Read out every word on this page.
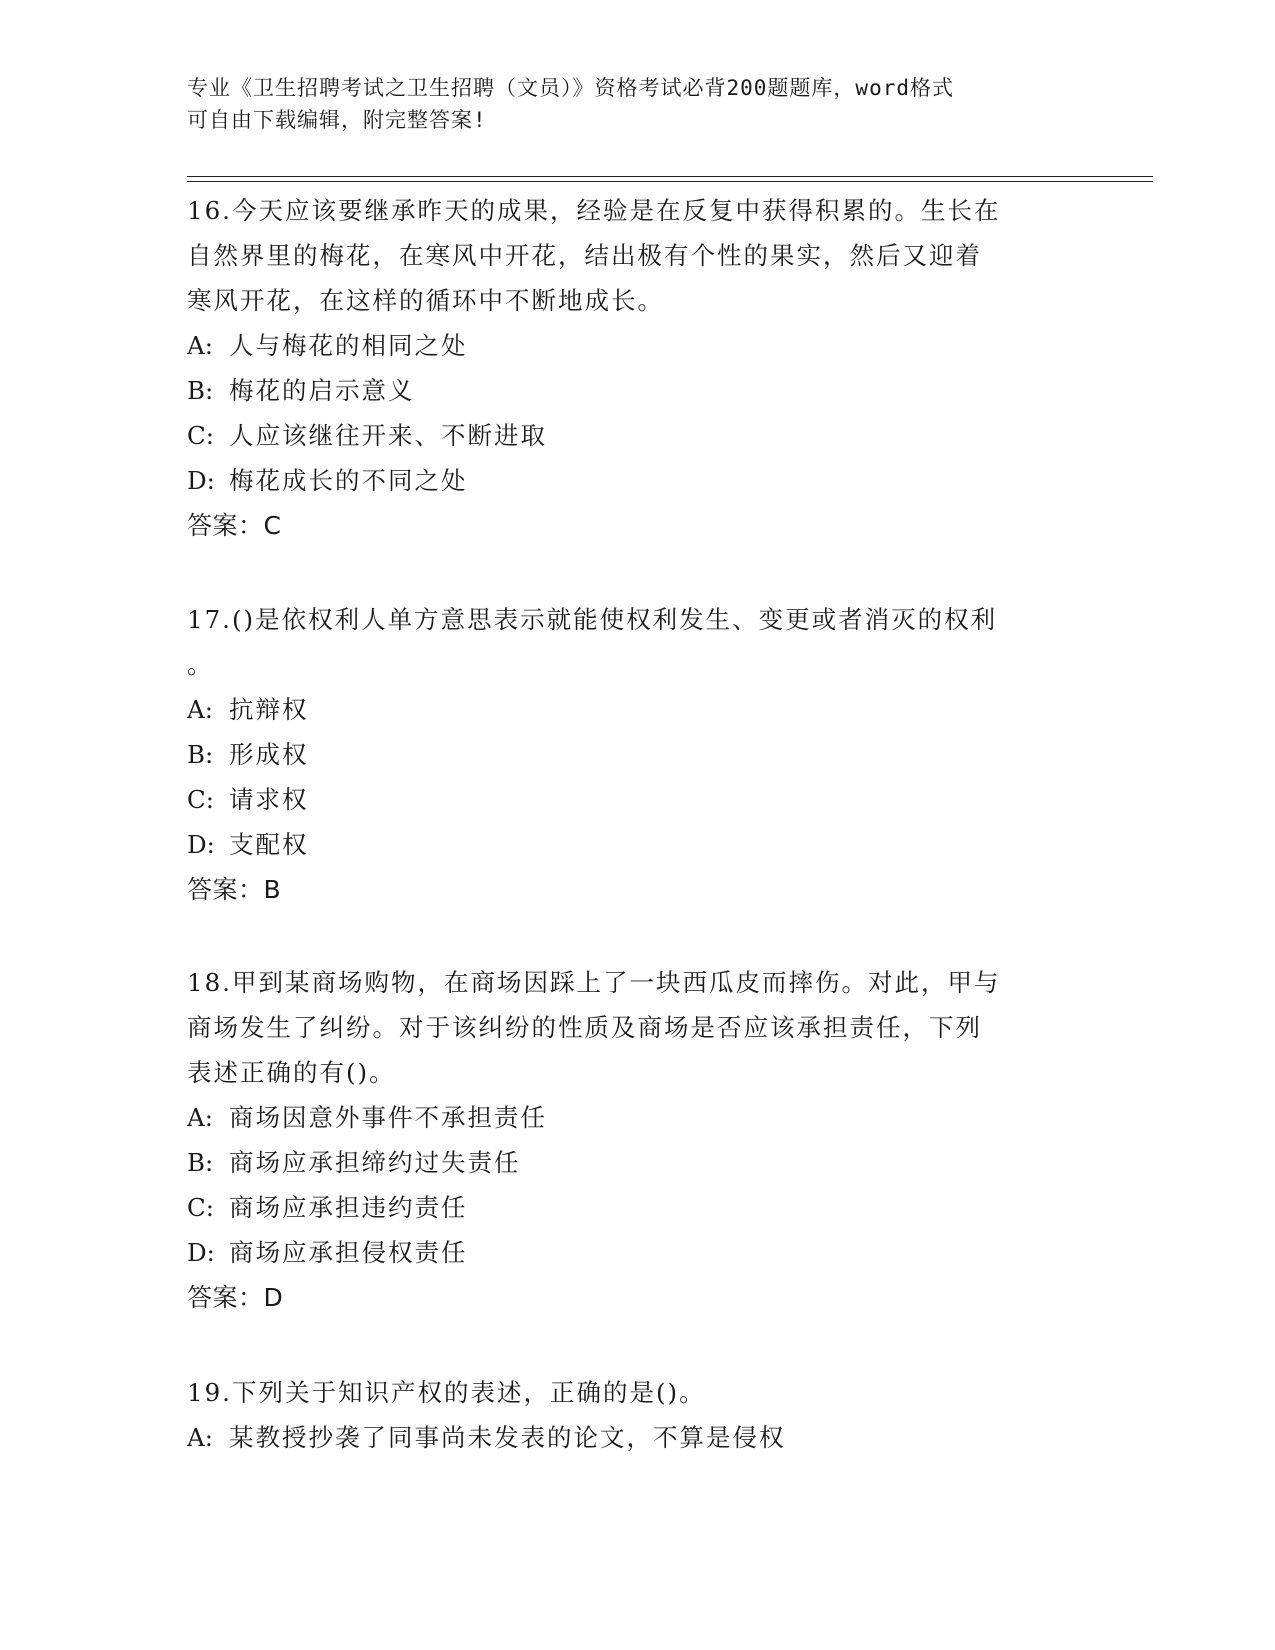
专业《卫生招聘考试之卫生招聘（文员）》资格考试必背200题题库，word格式
可自由下载编辑，附完整答案!

16.今天应该要继承昨天的成果，经验是在反复中获得积累的。生长在

自然界里的梅花，在寒风中开花，结出极有个性的果实，然后又迎着

寒风开花，在这样的循环中不断地成长。

A: 人与梅花的相同之处

B: 梅花的启示意义

C: 人应该继往开来、不断进取

D: 梅花成长的不同之处

答案：C

17.()是依权利人单方意思表示就能使权利发生、变更或者消灭的权利

。

A: 抗辩权

B: 形成权

C: 请求权

D: 支配权

答案：B

18.甲到某商场购物，在商场因踩上了一块西瓜皮而摔伤。对此，甲与

商场发生了纠纷。对于该纠纷的性质及商场是否应该承担责任，下列

表述正确的有()。

A: 商场因意外事件不承担责任

B: 商场应承担缔约过失责任

C: 商场应承担违约责任

D: 商场应承担侵权责任

答案：D

19.下列关于知识产权的表述，正确的是()。

A: 某教授抄袭了同事尚未发表的论文，不算是侵权
